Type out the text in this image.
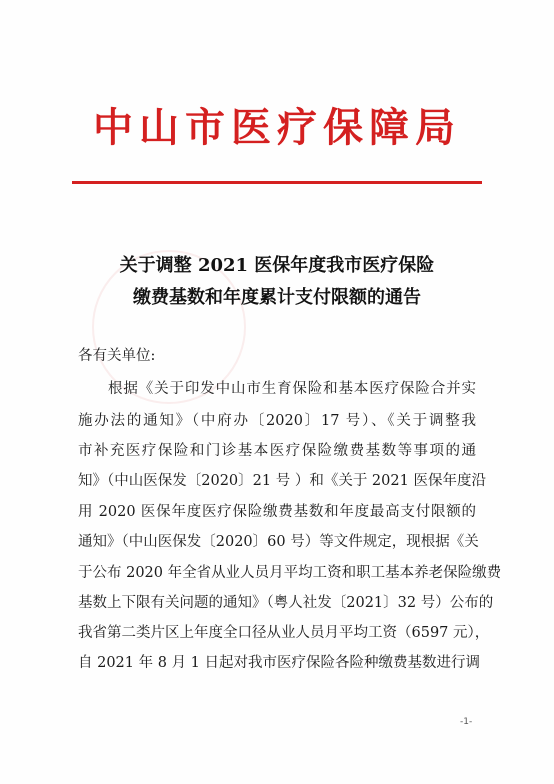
中山市医疗保障局
关于调整 2021 医保年度我市医疗保险
缴费基数和年度累计支付限额的通告
各有关单位:
根据《关于印发中山市生育保险和基本医疗保险合并实
施办法的通知》（中府办〔2020〕17 号）、《关于调整我
市补充医疗保险和门诊基本医疗保险缴费基数等事项的通
知》（中山医保发〔2020〕21 号 ）和《关于 2021 医保年度沿
用 2020 医保年度医疗保险缴费基数和年度最高支付限额的
通知》（中山医保发〔2020〕60 号）等文件规定，现根据《关
于公布 2020 年全省从业人员月平均工资和职工基本养老保险缴费
基数上下限有关问题的通知》（粤人社发〔2021〕32 号）公布的
我省第二类片区上年度全口径从业人员月平均工资（6597 元），
自 2021 年 8 月 1 日起对我市医疗保险各险种缴费基数进行调
-1-
